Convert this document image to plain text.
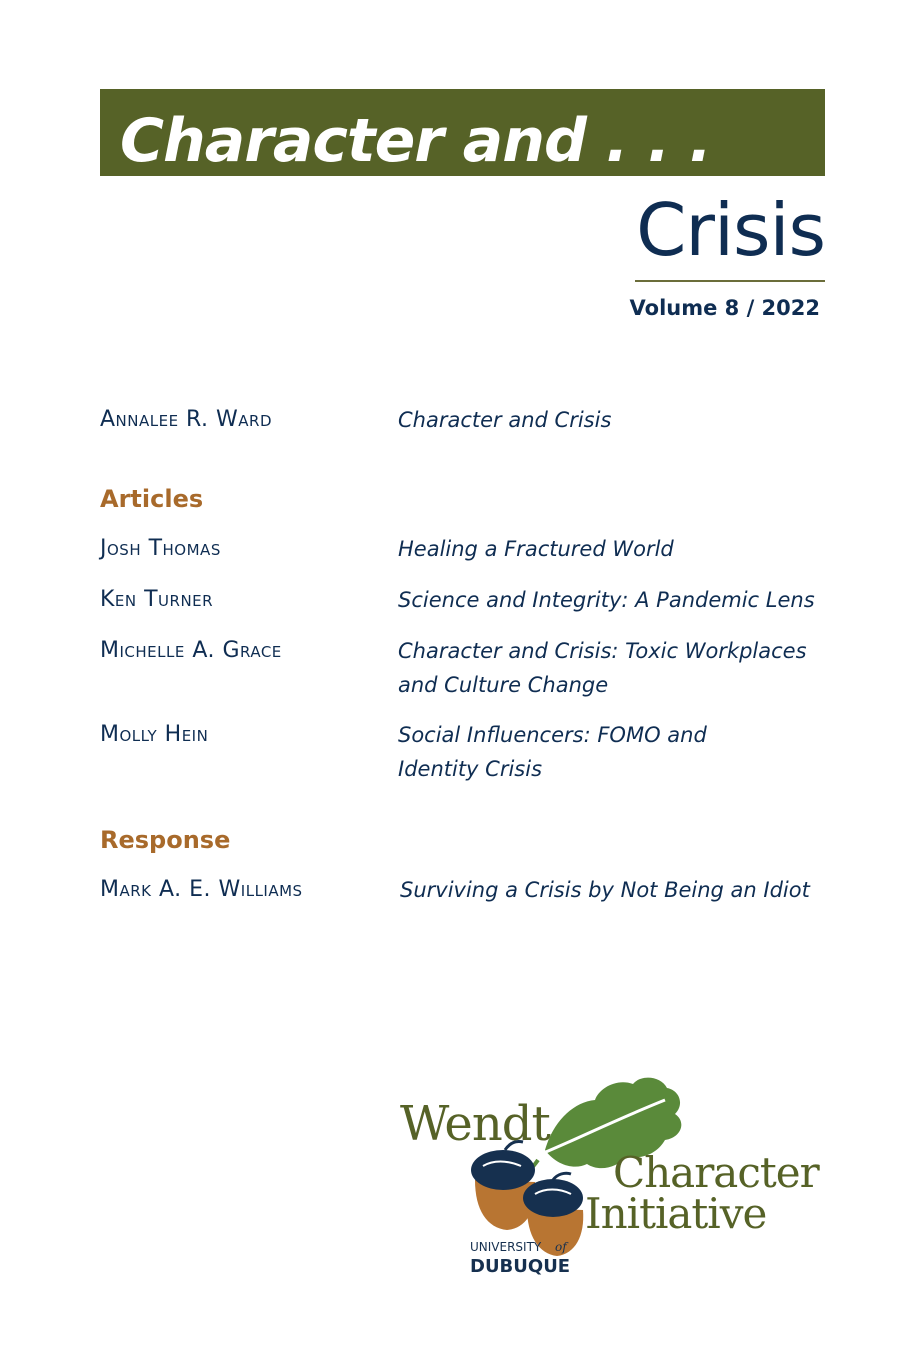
Character and . . .
Crisis
Volume 8 / 2022
Annalee R. Ward	Character and Crisis
Articles
Josh Thomas	Healing a Fractured World
Ken Turner	Science and Integrity: A Pandemic Lens
Michelle A. Grace	Character and Crisis: Toxic Workplaces
and Culture Change
Molly Hein	Social Influencers: FOMO and
Identity Crisis
Response
Mark A. E. Williams	Surviving a Crisis by Not Being an Idiot
Wendt
Character
Initiative
UNIVERSITY of
DUBUQUE
